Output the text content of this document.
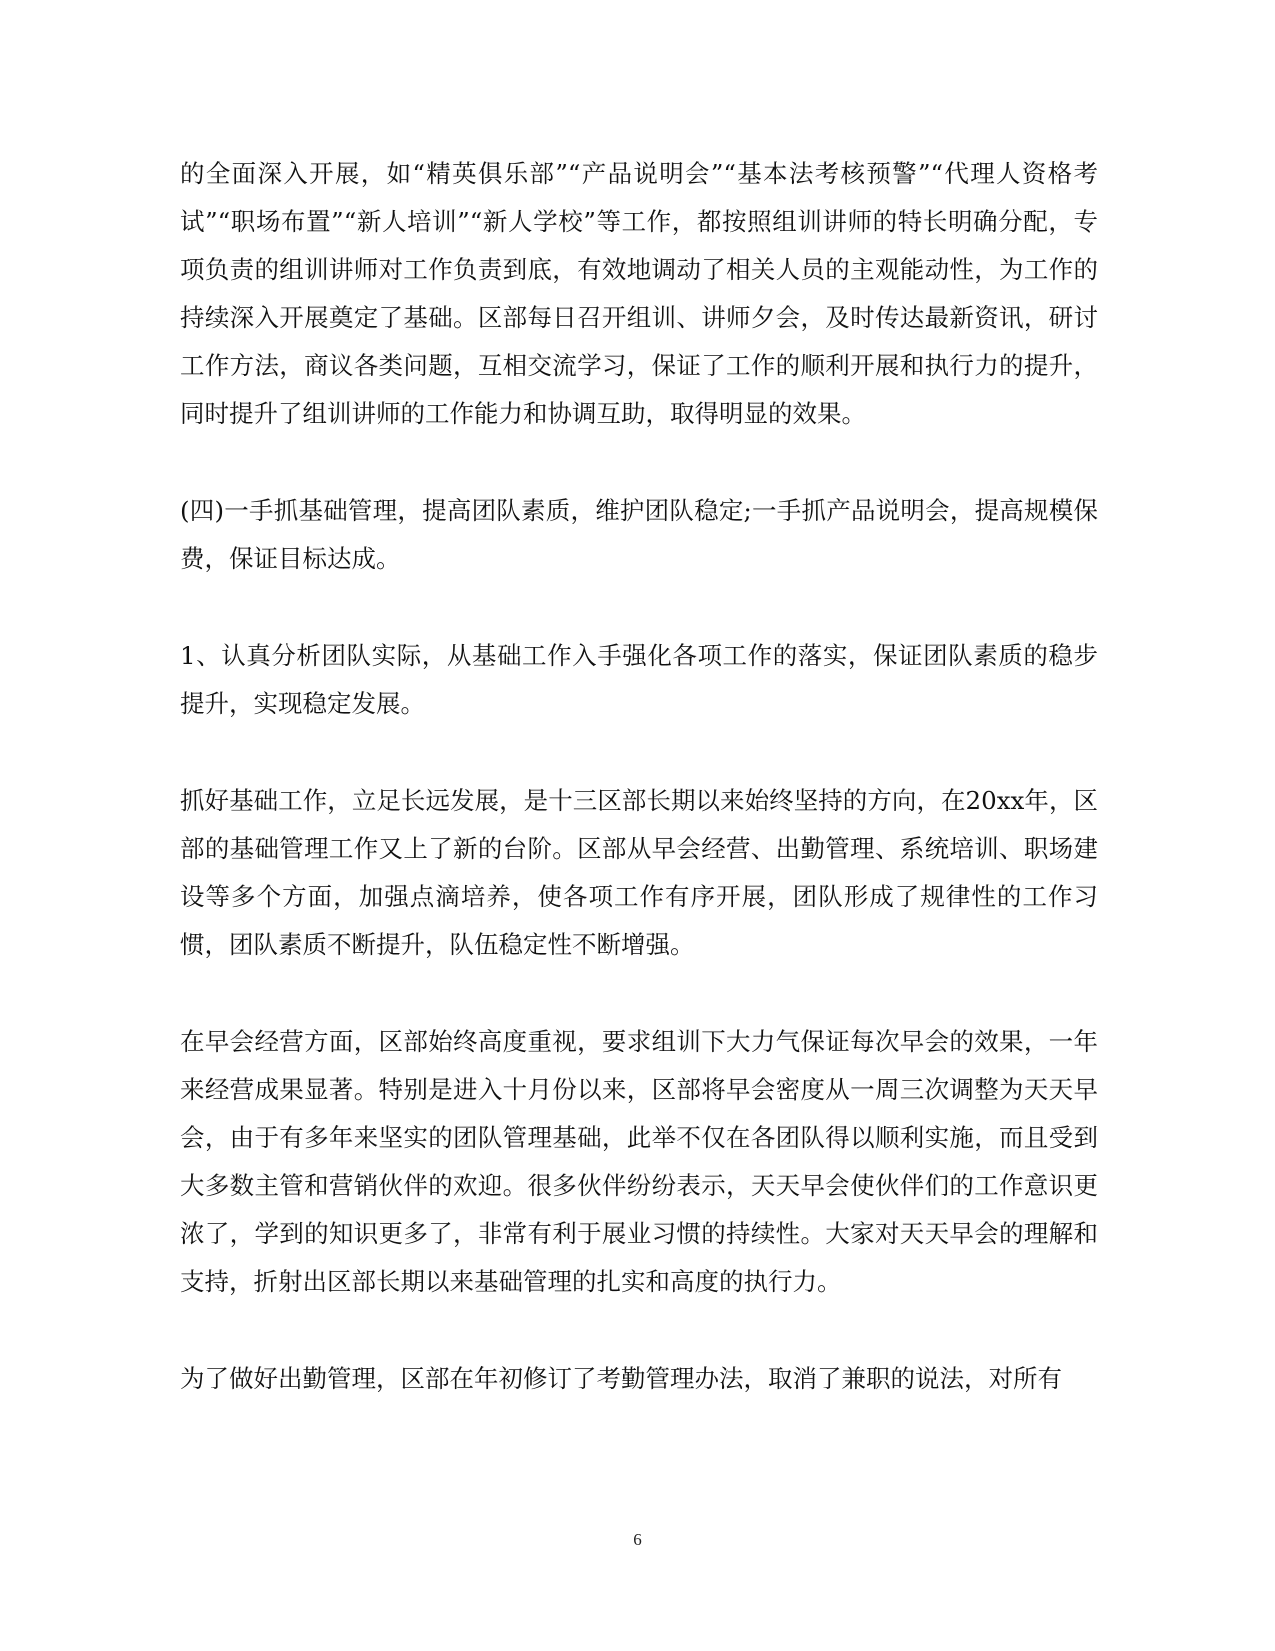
的全面深入开展，如“精英俱乐部”“产品说明会”“基本法考核预警”“代理人资格考试”“职场布置”“新人培训”“新人学校”等工作，都按照组训讲师的特长明确分配，专项负责的组训讲师对工作负责到底，有效地调动了相关人员的主观能动性，为工作的持续深入开展奠定了基础。区部每日召开组训、讲师夕会，及时传达最新资讯，研讨工作方法，商议各类问题，互相交流学习，保证了工作的顺利开展和执行力的提升，同时提升了组训讲师的工作能力和协调互助，取得明显的效果。

(四)一手抓基础管理，提高团队素质，维护团队稳定;一手抓产品说明会，提高规模保费，保证目标达成。

1、认真分析团队实际，从基础工作入手强化各项工作的落实，保证团队素质的稳步提升，实现稳定发展。

抓好基础工作，立足长远发展，是十三区部长期以来始终坚持的方向，在20xx年，区部的基础管理工作又上了新的台阶。区部从早会经营、出勤管理、系统培训、职场建设等多个方面，加强点滴培养，使各项工作有序开展，团队形成了规律性的工作习惯，团队素质不断提升，队伍稳定性不断增强。

在早会经营方面，区部始终高度重视，要求组训下大力气保证每次早会的效果，一年来经营成果显著。特别是进入十月份以来，区部将早会密度从一周三次调整为天天早会，由于有多年来坚实的团队管理基础，此举不仅在各团队得以顺利实施，而且受到大多数主管和营销伙伴的欢迎。很多伙伴纷纷表示，天天早会使伙伴们的工作意识更浓了，学到的知识更多了，非常有利于展业习惯的持续性。大家对天天早会的理解和支持，折射出区部长期以来基础管理的扎实和高度的执行力。

为了做好出勤管理，区部在年初修订了考勤管理办法，取消了兼职的说法，对所有

6
